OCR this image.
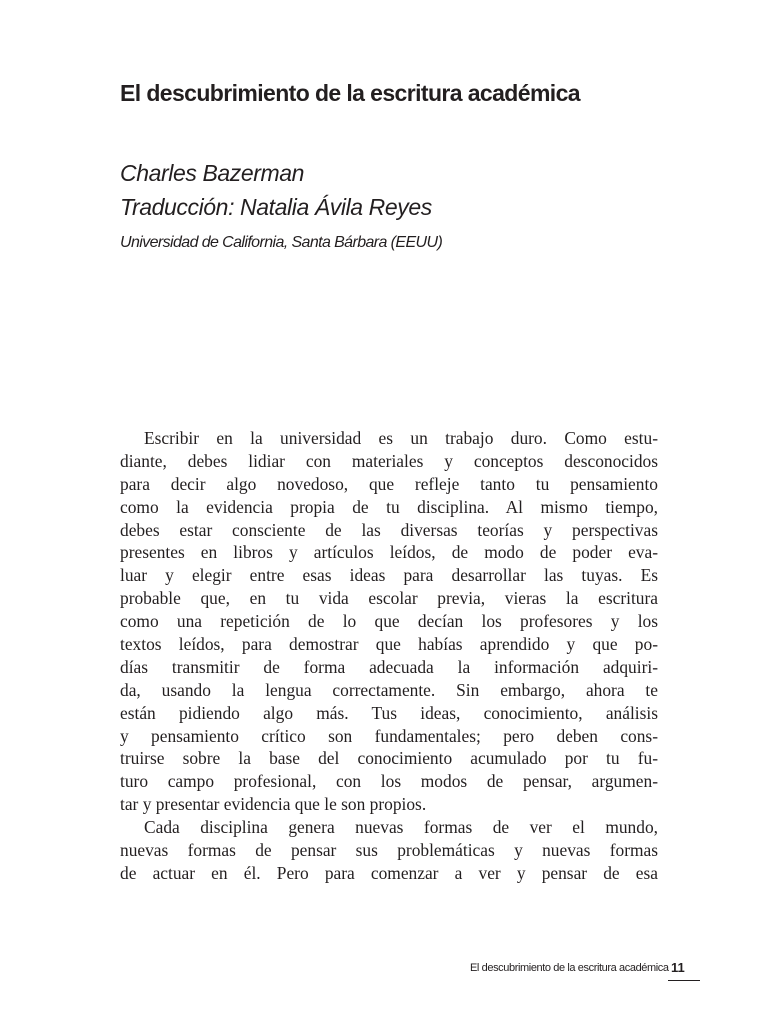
El descubrimiento de la escritura académica
Charles Bazerman
Traducción: Natalia Ávila Reyes
Universidad de California, Santa Bárbara (EEUU)
Escribir en la universidad es un trabajo duro. Como estu-
diante, debes lidiar con materiales y conceptos desconocidos
para decir algo novedoso, que refleje tanto tu pensamiento
como la evidencia propia de tu disciplina. Al mismo tiempo,
debes estar consciente de las diversas teorías y perspectivas
presentes en libros y artículos leídos, de modo de poder eva-
luar y elegir entre esas ideas para desarrollar las tuyas. Es
probable que, en tu vida escolar previa, vieras la escritura
como una repetición de lo que decían los profesores y los
textos leídos, para demostrar que habías aprendido y que po-
días transmitir de forma adecuada la información adquiri-
da, usando la lengua correctamente. Sin embargo, ahora te
están pidiendo algo más. Tus ideas, conocimiento, análisis
y pensamiento crítico son fundamentales; pero deben cons-
truirse sobre la base del conocimiento acumulado por tu fu-
turo campo profesional, con los modos de pensar, argumen-
tar y presentar evidencia que le son propios.
Cada disciplina genera nuevas formas de ver el mundo,
nuevas formas de pensar sus problemáticas y nuevas formas
de actuar en él. Pero para comenzar a ver y pensar de esa
El descubrimiento de la escritura académica 11
